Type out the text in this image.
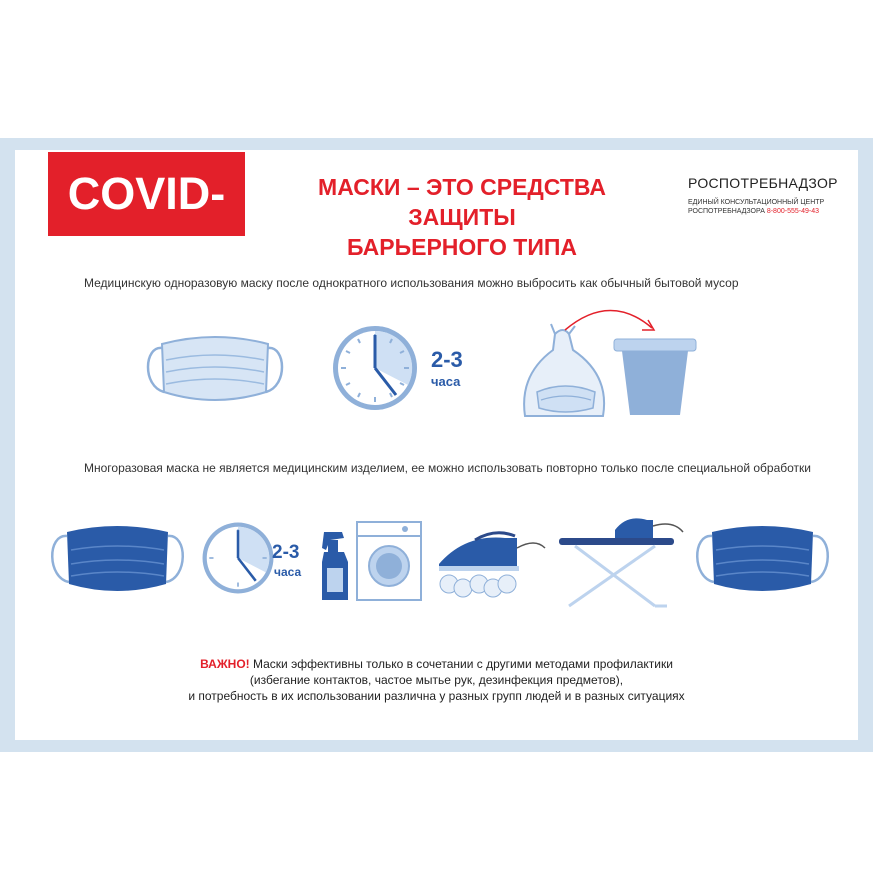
COVID-19
МАСКИ – ЭТО СРЕДСТВА ЗАЩИТЫ
БАРЬЕРНОГО ТИПА
РОСПОТРЕБНАДЗОР
ЕДИНЫЙ КОНСУЛЬТАЦИОННЫЙ ЦЕНТР
РОСПОТРЕБНАДЗОРА 8-800-555-49-43
Медицинскую одноразовую маску после однократного использования можно выбросить как обычный бытовой мусор
2-3
часа
Многоразовая маска не является медицинским изделием, ее можно использовать повторно только после специальной обработки
2-3
часа
ВАЖНО! Маски эффективны только в сочетании с другими методами профилактики
(избегание контактов, частое мытье рук, дезинфекция предметов),
и потребность в их использовании различна у разных групп людей и в разных ситуациях
